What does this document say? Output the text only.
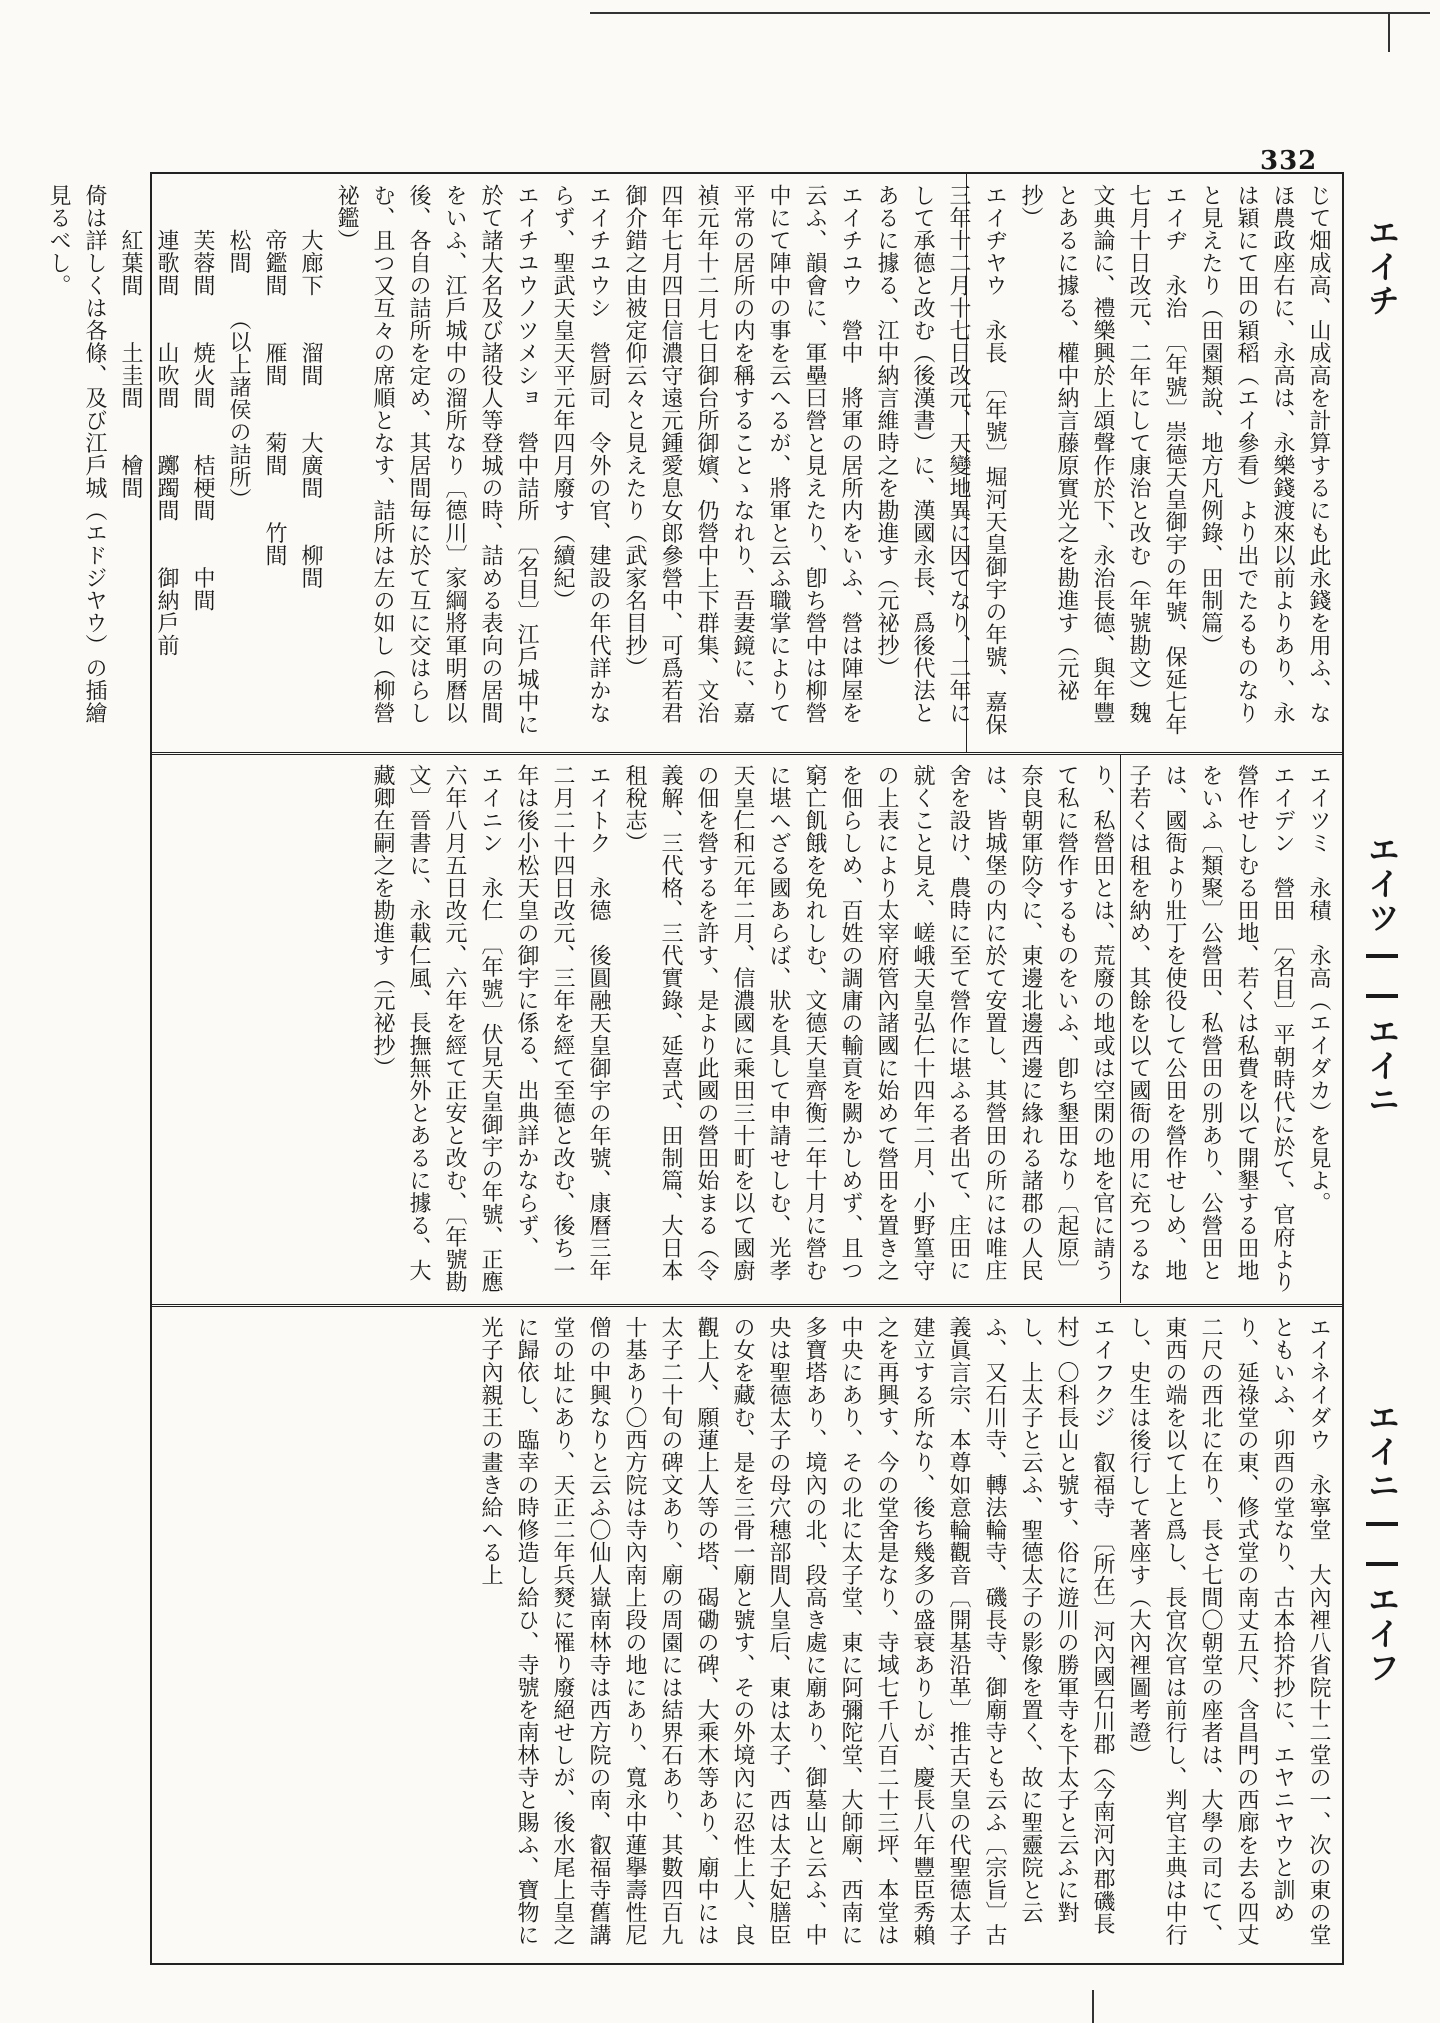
332
エイチ
エイツ――エイニ
エイニ――エイフ
じて畑成高、山成高を計算するにも此永錢を用ふ、なほ農政座右に、永高は、永樂錢渡來以前よりあり、永は穎にて田の穎稻（エイ參看）より出でたるものなりと見えたり（田園類說、地方凡例錄、田制篇）
エイヂ　永治　〔年號〕崇德天皇御宇の年號、保延七年七月十日改元、二年にして康治と改む（年號勘文）魏文典論に、禮樂興於上頌聲作於下、永治長德、與年豐とあるに據る、權中納言藤原實光之を勘進す（元祕抄）
エイヂヤウ　永長　〔年號〕堀河天皇御宇の年號、嘉保三年十二月十七日改元、天變地異に因てなり、二年にして承德と改む（後漢書）に、漢國永長、爲後代法とあるに據る、江中納言維時之を勘進す（元祕抄）
エイチユウ　營中　將軍の居所内をいふ、營は陣屋を云ふ、韻會に、軍壘曰營と見えたり、卽ち營中は柳營中にて陣中の事を云へるが、將軍と云ふ職掌によりて平常の居所の内を稱することゝなれり、吾妻鏡に、嘉禎元年十二月七日御台所御嬪、仍營中上下群集、文治四年七月四日信濃守遠元鍾愛息女郎參營中、可爲若君御介錯之由被定仰云々と見えたり（武家名目抄）
エイチユウシ　營厨司　令外の官、建設の年代詳かならず、聖武天皇天平元年四月廢す（續紀）
エイチユウノツメショ　營中詰所　〔名目〕江戶城中に於て諸大名及び諸役人等登城の時、詰める表向の居間をいふ、江戶城中の溜所なり〔德川〕家綱將軍明曆以後、各自の詰所を定め、其居間毎に於て互に交はらしむ、且つ又互々の席順となす、詰所は左の如し（柳營祕鑑）
　　大廊下　　溜間　　大廣間　　柳間
　　帝鑑間　　雁間　　菊間　　竹間
　　松間　　（以上諸侯の詰所）
　　芙蓉間　　焼火間　　桔梗間　　中間
　　連歌間　　山吹間　　躑躅間　　御納戶前
　　紅葉間　　土圭間　　檜間
倚は詳しくは各條、及び江戶城（エドジヤウ）の插繪見るべし。
エイツミ　永積　永高（エイダカ）を見よ。
エイデン　營田　〔名目〕平朝時代に於て、官府より營作せしむる田地、若くは私費を以て開墾する田地をいふ〔類聚〕公營田、私營田の別あり、公營田とは、國衙より壯丁を使役して公田を營作せしめ、地子若くは租を納め、其餘を以て國衙の用に充つるなり、私營田とは、荒廢の地或は空閑の地を官に請うて私に營作するものをいふ、卽ち墾田なり〔起原〕奈良朝軍防令に、東邊北邊西邊に緣れる諸郡の人民は、皆城堡の内に於て安置し、其營田の所には唯庄舍を設け、農時に至て營作に堪ふる者出て、庄田に就くこと見え、嵯峨天皇弘仁十四年二月、小野篁守の上表により太宰府管內諸國に始めて營田を置き之を佃らしめ、百姓の調庸の輸貢を闕かしめず、且つ窮亡飢餓を免れしむ、文德天皇齊衡二年十月に營むに堪へざる國あらば、狀を具して申請せしむ、光孝天皇仁和元年二月、信濃國に乘田三十町を以て國廚の佃を營するを許す、是より此國の營田始まる（令義解、三代格、三代實錄、延喜式、田制篇、大日本租稅志）
エイトク　永德　後圓融天皇御宇の年號、康曆三年二月二十四日改元、三年を經て至德と改む、後ち一年は後小松天皇の御宇に係る、出典詳かならず、
エイニン　永仁　〔年號〕伏見天皇御宇の年號、正應六年八月五日改元、六年を經て正安と改む、〔年號勘文〕晉書に、永載仁風、長撫無外とあるに據る、大藏卿在嗣之を勘進す（元祕抄）
エイネイダウ　永寧堂　大內裡八省院十二堂の一、次の東の堂ともいふ、卯酉の堂なり、古本拾芥抄に、エヤニヤウと訓めり、延祿堂の東、修式堂の南丈五尺、含昌門の西廊を去る四丈二尺の西北に在り、長さ七間〇朝堂の座者は、大學の司にて、東西の端を以て上と爲し、長官次官は前行し、判官主典は中行し、史生は後行して著座す（大內裡圖考證）
エイフクジ　叡福寺　〔所在〕河內國石川郡（今南河內郡磯長村）〇科長山と號す、俗に遊川の勝軍寺を下太子と云ふに對し、上太子と云ふ、聖德太子の影像を置く、故に聖靈院と云ふ、又石川寺、轉法輪寺、磯長寺、御廟寺とも云ふ〔宗旨〕古義眞言宗、本尊如意輪觀音〔開基沿革〕推古天皇の代聖德太子建立する所なり、後ち幾多の盛衰ありしが、慶長八年豐臣秀賴之を再興す、今の堂舍是なり、寺域七千八百二十三坪、本堂は中央にあり、その北に太子堂、東に阿彌陀堂、大師廟、西南に多寶塔あり、境內の北、段高き處に廟あり、御墓山と云ふ、中央は聖德太子の母穴穗部間人皇后、東は太子、西は太子妃膳臣の女を藏む、是を三骨一廟と號す、その外境內に忍性上人、良觀上人、願蓮上人等の塔、碣磡の碑、大乘木等あり、廟中には太子二十旬の碑文あり、廟の周園には結界石あり、其數四百九十基あり〇西方院は寺內南上段の地にあり、寬永中蓮擧壽性尼僧の中興なりと云ふ〇仙人嶽南林寺は西方院の南、叡福寺舊講堂の址にあり、天正二年兵燹に罹り廢絕せしが、後水尾上皇之に歸依し、臨幸の時修造し給ひ、寺號を南林寺と賜ふ、寶物に光子內親王の畫き給へる上
